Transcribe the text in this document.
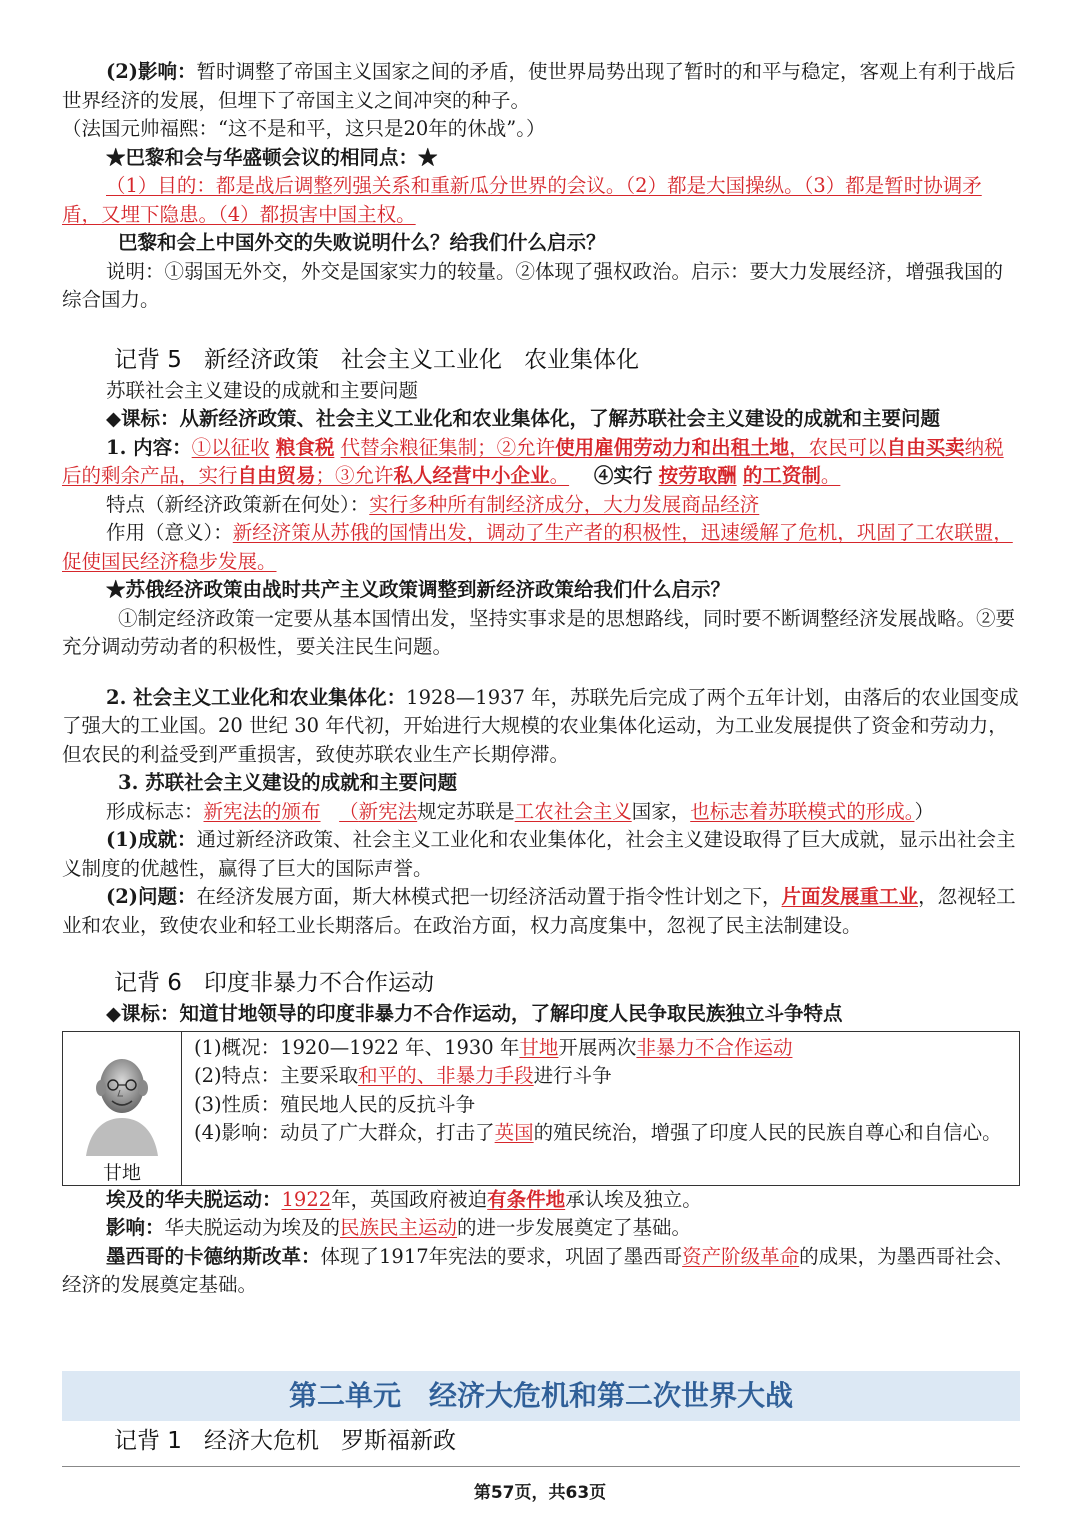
(2)影响：暂时调整了帝国主义国家之间的矛盾，使世界局势出现了暂时的和平与稳定，客观上有利于战后世界经济的发展，但埋下了帝国主义之间冲突的种子。

（法国元帅福熙：“这不是和平，这只是20年的休战”。）

★巴黎和会与华盛顿会议的相同点：★

（1）目的：都是战后调整列强关系和重新瓜分世界的会议。（2）都是大国操纵。（3）都是暂时协调矛盾，又埋下隐患。（4）都损害中国主权。

巴黎和会上中国外交的失败说明什么？给我们什么启示？

说明：①弱国无外交，外交是国家实力的较量。②体现了强权政治。启示：要大力发展经济，增强我国的综合国力。

记背 5 新经济政策 社会主义工业化 农业集体化

苏联社会主义建设的成就和主要问题

◆课标：从新经济政策、社会主义工业化和农业集体化，了解苏联社会主义建设的成就和主要问题

1. 内容：①以征收 粮食税 代替余粮征集制；②允许使用雇佣劳动力和出租土地，农民可以自由买卖纳税后的剩余产品，实行自由贸易；③允许私人经营中小企业。 ④实行 按劳取酬 的工资制。

特点（新经济政策新在何处）：实行多种所有制经济成分，大力发展商品经济

作用（意义）：新经济策从苏俄的国情出发，调动了生产者的积极性，迅速缓解了危机，巩固了工农联盟，促使国民经济稳步发展。

★苏俄经济政策由战时共产主义政策调整到新经济政策给我们什么启示？

①制定经济政策一定要从基本国情出发，坚持实事求是的思想路线，同时要不断调整经济发展战略。②要充分调动劳动者的积极性，要关注民生问题。

2. 社会主义工业化和农业集体化：1928—1937 年，苏联先后完成了两个五年计划，由落后的农业国变成了强大的工业国。20 世纪 30 年代初，开始进行大规模的农业集体化运动，为工业发展提供了资金和劳动力，但农民的利益受到严重损害，致使苏联农业生产长期停滞。

3. 苏联社会主义建设的成就和主要问题

形成标志：新宪法的颁布 （新宪法规定苏联是工农社会主义国家，也标志着苏联模式的形成。）

(1)成就：通过新经济政策、社会主义工业化和农业集体化，社会主义建设取得了巨大成就，显示出社会主义制度的优越性，赢得了巨大的国际声誉。

(2)问题：在经济发展方面，斯大林模式把一切经济活动置于指令性计划之下，片面发展重工业，忽视轻工业和农业，致使农业和轻工业长期落后。在政治方面，权力高度集中，忽视了民主法制建设。

记背 6 印度非暴力不合作运动

◆课标：知道甘地领导的印度非暴力不合作运动，了解印度人民争取民族独立斗争特点

甘地

(1)概况：1920—1922 年、1930 年甘地开展两次非暴力不合作运动

(2)特点：主要采取和平的、非暴力手段进行斗争

(3)性质：殖民地人民的反抗斗争

(4)影响：动员了广大群众，打击了英国的殖民统治，增强了印度人民的民族自尊心和自信心。

埃及的华夫脱运动：1922年，英国政府被迫有条件地承认埃及独立。

影响：华夫脱运动为埃及的民族民主运动的进一步发展奠定了基础。

墨西哥的卡德纳斯改革：体现了1917年宪法的要求，巩固了墨西哥资产阶级革命的成果，为墨西哥社会、经济的发展奠定基础。

第二单元　经济大危机和第二次世界大战
记背 1 经济大危机 罗斯福新政
第57页，共63页
